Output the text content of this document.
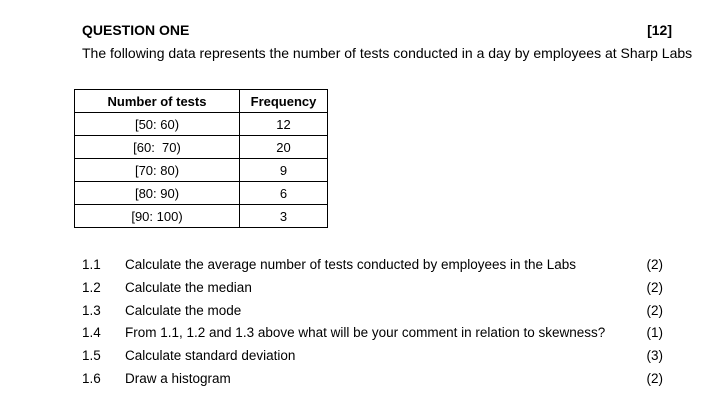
QUESTION ONE	[12]
The following data represents the number of tests conducted in a day by employees at Sharp Labs
Number of tests	Frequency
[50: 60)	12
[60:  70)	20
[70: 80)	9
[80: 90)	6
[90: 100)	3
1.1 Calculate the average number of tests conducted by employees in the Labs	(2)
1.2 Calculate the median	(2)
1.3 Calculate the mode	(2)
1.4 From 1.1, 1.2 and 1.3 above what will be your comment in relation to skewness?	(1)
1.5 Calculate standard deviation	(3)
1.6 Draw a histogram	(2)
